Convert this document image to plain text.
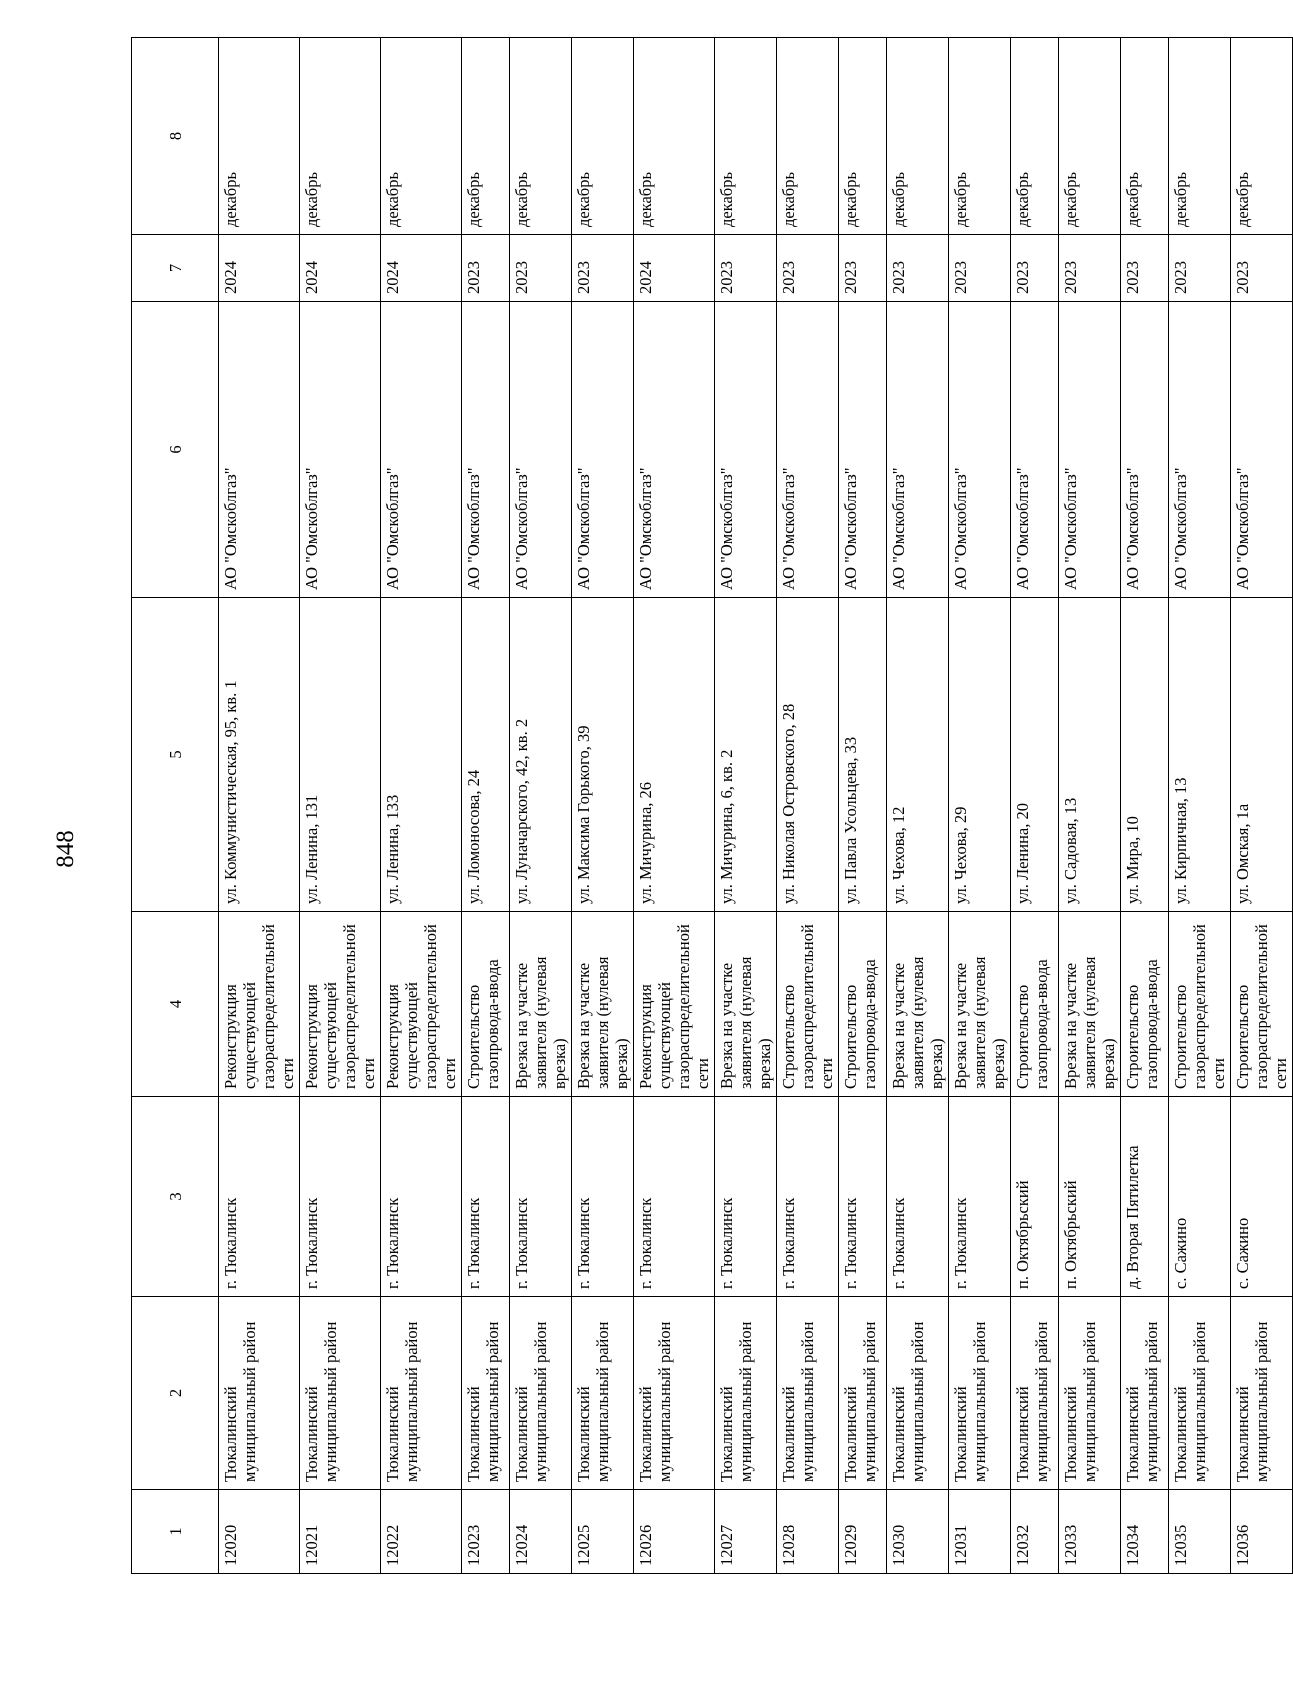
848
1	2	3	4	5	6	7	8
12020	Тюкалинский муниципальный район	г. Тюкалинск	Реконструкция существующей газораспределительной сети	ул. Коммунистическая, 95, кв. 1	АО "Омскоблгаз"	2024	декабрь
12021	Тюкалинский муниципальный район	г. Тюкалинск	Реконструкция существующей газораспределительной сети	ул. Ленина, 131	АО "Омскоблгаз"	2024	декабрь
12022	Тюкалинский муниципальный район	г. Тюкалинск	Реконструкция существующей газораспределительной сети	ул. Ленина, 133	АО "Омскоблгаз"	2024	декабрь
12023	Тюкалинский муниципальный район	г. Тюкалинск	Строительство газопровода-ввода	ул. Ломоносова, 24	АО "Омскоблгаз"	2023	декабрь
12024	Тюкалинский муниципальный район	г. Тюкалинск	Врезка на участке заявителя (нулевая врезка)	ул. Луначарского, 42, кв. 2	АО "Омскоблгаз"	2023	декабрь
12025	Тюкалинский муниципальный район	г. Тюкалинск	Врезка на участке заявителя (нулевая врезка)	ул. Максима Горького, 39	АО "Омскоблгаз"	2023	декабрь
12026	Тюкалинский муниципальный район	г. Тюкалинск	Реконструкция существующей газораспределительной сети	ул. Мичурина, 26	АО "Омскоблгаз"	2024	декабрь
12027	Тюкалинский муниципальный район	г. Тюкалинск	Врезка на участке заявителя (нулевая врезка)	ул. Мичурина, 6, кв. 2	АО "Омскоблгаз"	2023	декабрь
12028	Тюкалинский муниципальный район	г. Тюкалинск	Строительство газораспределительной сети	ул. Николая Островского, 28	АО "Омскоблгаз"	2023	декабрь
12029	Тюкалинский муниципальный район	г. Тюкалинск	Строительство газопровода-ввода	ул. Павла Усольцева, 33	АО "Омскоблгаз"	2023	декабрь
12030	Тюкалинский муниципальный район	г. Тюкалинск	Врезка на участке заявителя (нулевая врезка)	ул. Чехова, 12	АО "Омскоблгаз"	2023	декабрь
12031	Тюкалинский муниципальный район	г. Тюкалинск	Врезка на участке заявителя (нулевая врезка)	ул. Чехова, 29	АО "Омскоблгаз"	2023	декабрь
12032	Тюкалинский муниципальный район	п. Октябрьский	Строительство газопровода-ввода	ул. Ленина, 20	АО "Омскоблгаз"	2023	декабрь
12033	Тюкалинский муниципальный район	п. Октябрьский	Врезка на участке заявителя (нулевая врезка)	ул. Садовая, 13	АО "Омскоблгаз"	2023	декабрь
12034	Тюкалинский муниципальный район	д. Вторая Пятилетка	Строительство газопровода-ввода	ул. Мира, 10	АО "Омскоблгаз"	2023	декабрь
12035	Тюкалинский муниципальный район	с. Сажино	Строительство газораспределительной сети	ул. Кирпичная, 13	АО "Омскоблгаз"	2023	декабрь
12036	Тюкалинский муниципальный район	с. Сажино	Строительство газораспределительной сети	ул. Омская, 1а	АО "Омскоблгаз"	2023	декабрь
